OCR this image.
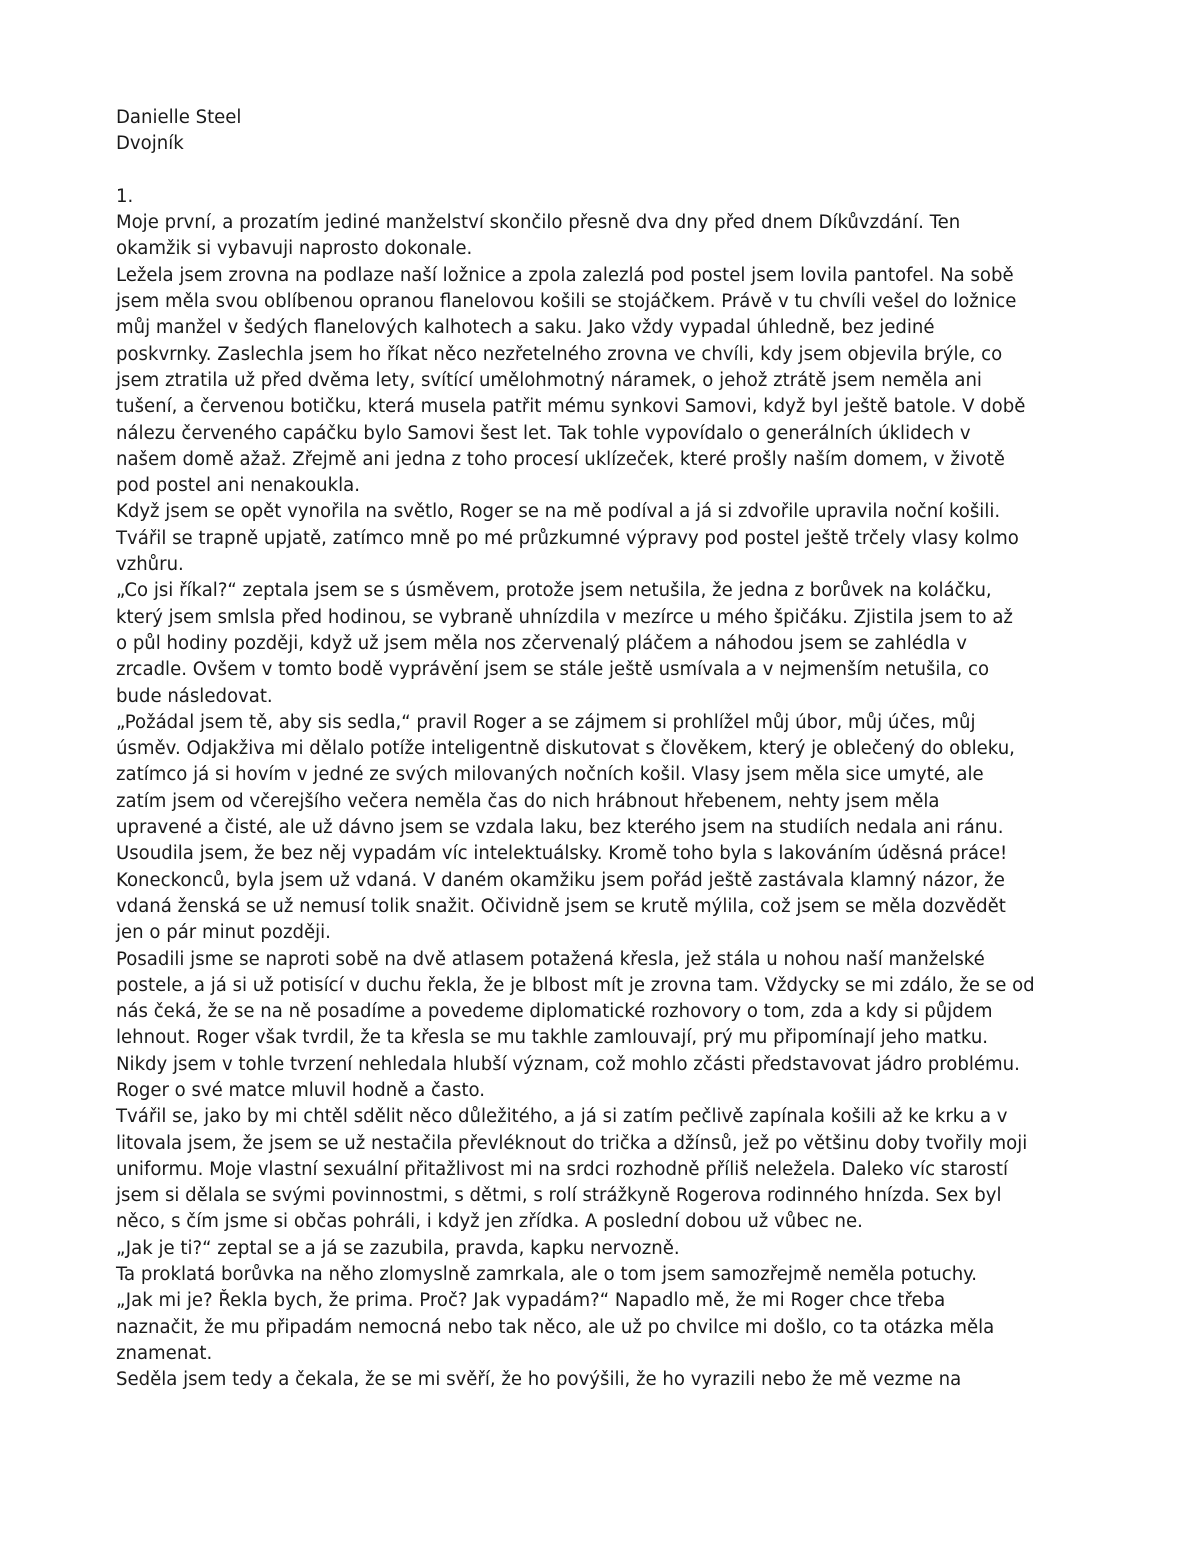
Danielle Steel
Dvojník
1.
Moje první, a prozatím jediné manželství skončilo přesně dva dny před dnem Díkůvzdání. Ten
okamžik si vybavuji naprosto dokonale.
Ležela jsem zrovna na podlaze naší ložnice a zpola zalezlá pod postel jsem lovila pantofel. Na sobě
jsem měla svou oblíbenou opranou flanelovou košili se stojáčkem. Právě v tu chvíli vešel do ložnice
můj manžel v šedých flanelových kalhotech a saku. Jako vždy vypadal úhledně, bez jediné
poskvrnky. Zaslechla jsem ho říkat něco nezřetelného zrovna ve chvíli, kdy jsem objevila brýle, co
jsem ztratila už před dvěma lety, svítící umělohmotný náramek, o jehož ztrátě jsem neměla ani
tušení, a červenou botičku, která musela patřit mému synkovi Samovi, když byl ještě batole. V době
nálezu červeného capáčku bylo Samovi šest let. Tak tohle vypovídalo o generálních úklidech v
našem domě ažaž. Zřejmě ani jedna z toho procesí uklízeček, které prošly naším domem, v životě
pod postel ani nenakoukla.
Když jsem se opět vynořila na světlo, Roger se na mě podíval a já si zdvořile upravila noční košili.
Tvářil se trapně upjatě, zatímco mně po mé průzkumné výpravy pod postel ještě trčely vlasy kolmo
vzhůru.
„Co jsi říkal?“ zeptala jsem se s úsměvem, protože jsem netušila, že jedna z borůvek na koláčku,
který jsem smlsla před hodinou, se vybraně uhnízdila v mezírce u mého špičáku. Zjistila jsem to až
o půl hodiny později, když už jsem měla nos zčervenalý pláčem a náhodou jsem se zahlédla v
zrcadle. Ovšem v tomto bodě vyprávění jsem se stále ještě usmívala a v nejmenším netušila, co
bude následovat.
„Požádal jsem tě, aby sis sedla,“ pravil Roger a se zájmem si prohlížel můj úbor, můj účes, můj
úsměv. Odjakživa mi dělalo potíže inteligentně diskutovat s člověkem, který je oblečený do obleku,
zatímco já si hovím v jedné ze svých milovaných nočních košil. Vlasy jsem měla sice umyté, ale
zatím jsem od včerejšího večera neměla čas do nich hrábnout hřebenem, nehty jsem měla
upravené a čisté, ale už dávno jsem se vzdala laku, bez kterého jsem na studiích nedala ani ránu.
Usoudila jsem, že bez něj vypadám víc intelektuálsky. Kromě toho byla s lakováním úděsná práce!
Koneckonců, byla jsem už vdaná. V daném okamžiku jsem pořád ještě zastávala klamný názor, že
vdaná ženská se už nemusí tolik snažit. Očividně jsem se krutě mýlila, což jsem se měla dozvědět
jen o pár minut později.
Posadili jsme se naproti sobě na dvě atlasem potažená křesla, jež stála u nohou naší manželské
postele, a já si už potisící v duchu řekla, že je blbost mít je zrovna tam. Vždycky se mi zdálo, že se od
nás čeká, že se na ně posadíme a povedeme diplomatické rozhovory o tom, zda a kdy si půjdem
lehnout. Roger však tvrdil, že ta křesla se mu takhle zamlouvají, prý mu připomínají jeho matku.
Nikdy jsem v tohle tvrzení nehledala hlubší význam, což mohlo zčásti představovat jádro problému.
Roger o své matce mluvil hodně a často.
Tvářil se, jako by mi chtěl sdělit něco důležitého, a já si zatím pečlivě zapínala košili až ke krku a v
litovala jsem, že jsem se už nestačila převléknout do trička a džínsů, jež po většinu doby tvořily moji
uniformu. Moje vlastní sexuální přitažlivost mi na srdci rozhodně příliš neležela. Daleko víc starostí
jsem si dělala se svými povinnostmi, s dětmi, s rolí strážkyně Rogerova rodinného hnízda. Sex byl
něco, s čím jsme si občas pohráli, i když jen zřídka. A poslední dobou už vůbec ne.
„Jak je ti?“ zeptal se a já se zazubila, pravda, kapku nervozně.
Ta proklatá borůvka na něho zlomyslně zamrkala, ale o tom jsem samozřejmě neměla potuchy.
„Jak mi je? Řekla bych, že prima. Proč? Jak vypadám?“ Napadlo mě, že mi Roger chce třeba
naznačit, že mu připadám nemocná nebo tak něco, ale už po chvilce mi došlo, co ta otázka měla
znamenat.
Seděla jsem tedy a čekala, že se mi svěří, že ho povýšili, že ho vyrazili nebo že mě vezme na
